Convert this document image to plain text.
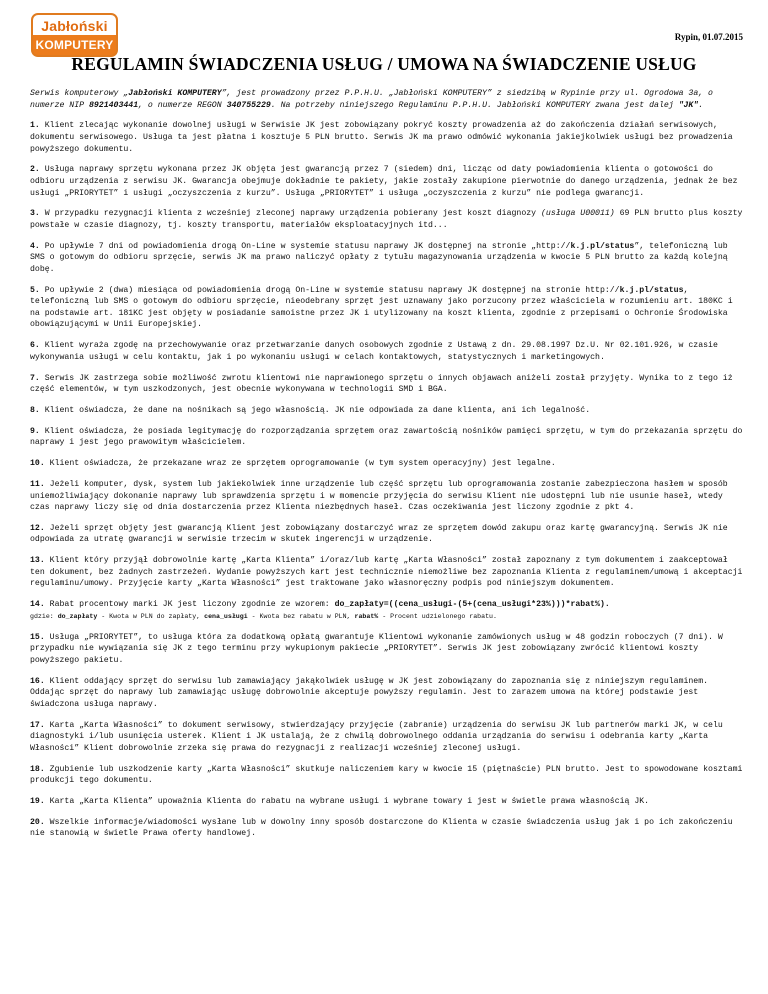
Jabłoński
KOMPUTERY
Rypin, 01.07.2015
REGULAMIN ŚWIADCZENIA USŁUG / UMOWA NA ŚWIADCZENIE USŁUG

Serwis komputerowy „Jabłoński KOMPUTERY”, jest prowadzony przez P.P.H.U. „Jabłoński KOMPUTERY” z siedzibą w Rypinie przy ul. Ogrodowa 3a, o numerze NIP 8921403441, o numerze REGON 340755229. Na potrzeby niniejszego Regulaminu P.P.H.U. Jabłoński KOMPUTERY zwana jest dalej "JK".

1. Klient zlecając wykonanie dowolnej usługi w Serwisie JK jest zobowiązany pokryć koszty prowadzenia aż do zakończenia działań serwisowych, dokumentu serwisowego. Usługa ta jest płatna i kosztuje 5 PLN brutto. Serwis JK ma prawo odmówić wykonania jakiejkolwiek usługi bez prowadzenia powyższego dokumentu.

2. Usługa naprawy sprzętu wykonana przez JK objęta jest gwarancją przez 7 (siedem) dni, licząc od daty powiadomienia klienta o gotowości do odbioru urządzenia z serwisu JK. Gwarancja obejmuje dokładnie te pakiety, jakie zostały zakupione pierwotnie do danego urządzenia, jednak że bez usługi „PRIORYTET” i usługi „oczyszczenia z kurzu”. Usługa „PRIORYTET” i usługa „oczyszczenia z kurzu” nie podlega gwarancji.

3. W przypadku rezygnacji klienta z wcześniej zleconej naprawy urządzenia pobierany jest koszt diagnozy (usługa U00011) 69 PLN brutto plus koszty powstałe w czasie diagnozy, tj. koszty transportu, materiałów eksploatacyjnych itd...

4. Po upływie 7 dni od powiadomienia drogą On-Line w systemie statusu naprawy JK dostępnej na stronie „http://k.j.pl/status”, telefoniczną lub SMS o gotowym do odbioru sprzęcie, serwis JK ma prawo naliczyć opłaty z tytułu magazynowania urządzenia w kwocie 5 PLN brutto za każdą kolejną dobę.

5. Po upływie 2 (dwa) miesiąca od powiadomienia drogą On-Line w systemie statusu naprawy JK dostępnej na stronie http://k.j.pl/status, telefoniczną lub SMS o gotowym do odbioru sprzęcie, nieodebrany sprzęt jest uznawany jako porzucony przez właściciela w rozumieniu art. 180KC i na podstawie art. 181KC jest objęty w posiadanie samoistne przez JK i utylizowany na koszt klienta, zgodnie z przepisami o Ochronie Środowiska obowiązującymi w Unii Europejskiej.

6. Klient wyraża zgodę na przechowywanie oraz przetwarzanie danych osobowych zgodnie z Ustawą z dn. 29.08.1997 Dz.U. Nr 02.101.926, w czasie wykonywania usługi w celu kontaktu, jak i po wykonaniu usługi w celach kontaktowych, statystycznych i marketingowych.

7. Serwis JK zastrzega sobie możliwość zwrotu klientowi nie naprawionego sprzętu o innych objawach aniżeli został przyjęty. Wynika to z tego iż część elementów, w tym uszkodzonych, jest obecnie wykonywana w technologii SMD i BGA.

8. Klient oświadcza, że dane na nośnikach są jego własnością. JK nie odpowiada za dane klienta, ani ich legalność.

9. Klient oświadcza, że posiada legitymację do rozporządzania sprzętem oraz zawartością nośników pamięci sprzętu, w tym do przekazania sprzętu do naprawy i jest jego prawowitym właścicielem.

10. Klient oświadcza, że przekazane wraz ze sprzętem oprogramowanie (w tym system operacyjny) jest legalne.

11. Jeżeli komputer, dysk, system lub jakiekolwiek inne urządzenie lub część sprzętu lub oprogramowania zostanie zabezpieczona hasłem w sposób uniemożliwiający dokonanie naprawy lub sprawdzenia sprzętu i w momencie przyjęcia do serwisu Klient nie udostępni lub nie usunie haseł, wtedy czas naprawy liczy się od dnia dostarczenia przez Klienta niezbędnych haseł. Czas oczekiwania jest liczony zgodnie z pkt 4.

12. Jeżeli sprzęt objęty jest gwarancją Klient jest zobowiązany dostarczyć wraz ze sprzętem dowód zakupu oraz kartę gwarancyjną. Serwis JK nie odpowiada za utratę gwarancji w serwisie trzecim w skutek ingerencji w urządzenie.

13. Klient który przyjął dobrowolnie kartę „Karta Klienta” i/oraz/lub kartę „Karta Własności” został zapoznany z tym dokumentem i zaakceptował ten dokument, bez żadnych zastrzeżeń. Wydanie powyższych kart jest technicznie niemożliwe bez zapoznania Klienta z regulaminem/umową i akceptacji regulaminu/umowy. Przyjęcie karty „Karta Własności” jest traktowane jako własnoręczny podpis pod niniejszym dokumentem.

14. Rabat procentowy marki JK jest liczony zgodnie ze wzorem: do_zapłaty=((cena_usługi-(5+(cena_usługi*23%)))*rabat%).
gdzie: do_zapłaty - Kwota w PLN do zapłaty, cena_usługi - Kwota bez rabatu w PLN, rabat% - Procent udzielonego rabatu.

15. Usługa „PRIORYTET”, to usługa która za dodatkową opłatą gwarantuje Klientowi wykonanie zamówionych usług w 48 godzin roboczych (7 dni). W przypadku nie wywiązania się JK z tego terminu przy wykupionym pakiecie „PRIORYTET”. Serwis JK jest zobowiązany zwrócić klientowi koszty powyższego pakietu.

16. Klient oddający sprzęt do serwisu lub zamawiający jakąkolwiek usługę w JK jest zobowiązany do zapoznania się z niniejszym regulaminem. Oddając sprzęt do naprawy lub zamawiając usługę dobrowolnie akceptuje powyższy regulamin. Jest to zarazem umowa na której podstawie jest świadczona usługa naprawy.

17. Karta „Karta Własności” to dokument serwisowy, stwierdzający przyjęcie (zabranie) urządzenia do serwisu JK lub partnerów marki JK, w celu diagnostyki i/lub usunięcia usterek. Klient i JK ustalają, że z chwilą dobrowolnego oddania urządzania do serwisu i odebrania karty „Karta Własności” Klient dobrowolnie zrzeka się prawa do rezygnacji z realizacji wcześniej zleconej usługi.

18. Zgubienie lub uszkodzenie karty „Karta Własności” skutkuje naliczeniem kary w kwocie 15 (piętnaście) PLN brutto. Jest to spowodowane kosztami produkcji tego dokumentu.

19. Karta „Karta Klienta” upoważnia Klienta do rabatu na wybrane usługi i wybrane towary i jest w świetle prawa własnością JK.

20. Wszelkie informacje/wiadomości wysłane lub w dowolny inny sposób dostarczone do Klienta w czasie świadczenia usług jak i po ich zakończeniu nie stanowią w świetle Prawa oferty handlowej.
